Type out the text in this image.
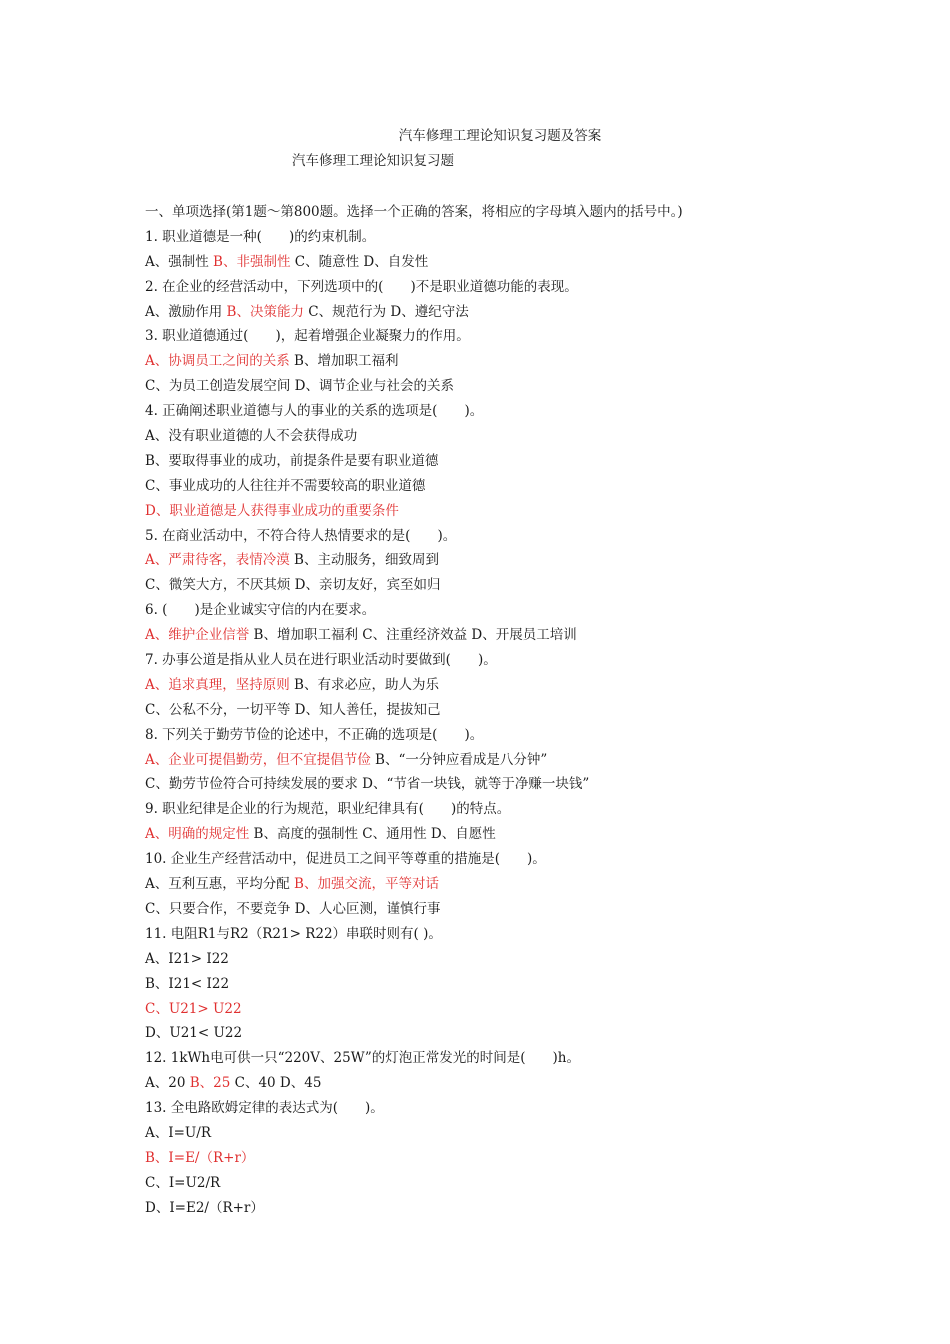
汽车修理工理论知识复习题及答案
汽车修理工理论知识复习题
一、单项选择(第1题～第800题。选择一个正确的答案，将相应的字母填入题内的括号中。)
1. 职业道德是一种(　　)的约束机制。
A、强制性 B、非强制性 C、随意性 D、自发性
2. 在企业的经营活动中，下列选项中的(　　)不是职业道德功能的表现。
A、激励作用 B、决策能力 C、规范行为 D、遵纪守法
3. 职业道德通过(　　)，起着增强企业凝聚力的作用。
A、协调员工之间的关系 B、增加职工福利
C、为员工创造发展空间 D、调节企业与社会的关系
4. 正确阐述职业道德与人的事业的关系的选项是(　　)。
A、没有职业道德的人不会获得成功
B、要取得事业的成功，前提条件是要有职业道德
C、事业成功的人往往并不需要较高的职业道德
D、职业道德是人获得事业成功的重要条件
5. 在商业活动中，不符合待人热情要求的是(　　)。
A、严肃待客，表情冷漠 B、主动服务，细致周到
C、微笑大方，不厌其烦 D、亲切友好，宾至如归
6. (　　)是企业诚实守信的内在要求。
A、维护企业信誉 B、增加职工福利 C、注重经济效益 D、开展员工培训
7. 办事公道是指从业人员在进行职业活动时要做到(　　)。
A、追求真理，坚持原则 B、有求必应，助人为乐
C、公私不分，一切平等 D、知人善任，提拔知己
8. 下列关于勤劳节俭的论述中，不正确的选项是(　　)。
A、企业可提倡勤劳，但不宜提倡节俭 B、“一分钟应看成是八分钟”
C、勤劳节俭符合可持续发展的要求 D、“节省一块钱，就等于净赚一块钱”
9. 职业纪律是企业的行为规范，职业纪律具有(　　)的特点。
A、明确的规定性 B、高度的强制性 C、通用性 D、自愿性
10. 企业生产经营活动中，促进员工之间平等尊重的措施是(　　)。
A、互利互惠，平均分配 B、加强交流，平等对话
C、只要合作，不要竞争 D、人心叵测，谨慎行事
11. 电阻R1与R2（R21> R22）串联时则有( )。
A、I21> I22
B、I21< I22
C、U21> U22
D、U21< U22
12. 1kWh电可供一只“220V、25W”的灯泡正常发光的时间是(　　)h。
A、20 B、25 C、40 D、45
13. 全电路欧姆定律的表达式为(　　)。
A、I=U/R
B、I=E/（R+r）
C、I=U2/R
D、I=E2/（R+r）
